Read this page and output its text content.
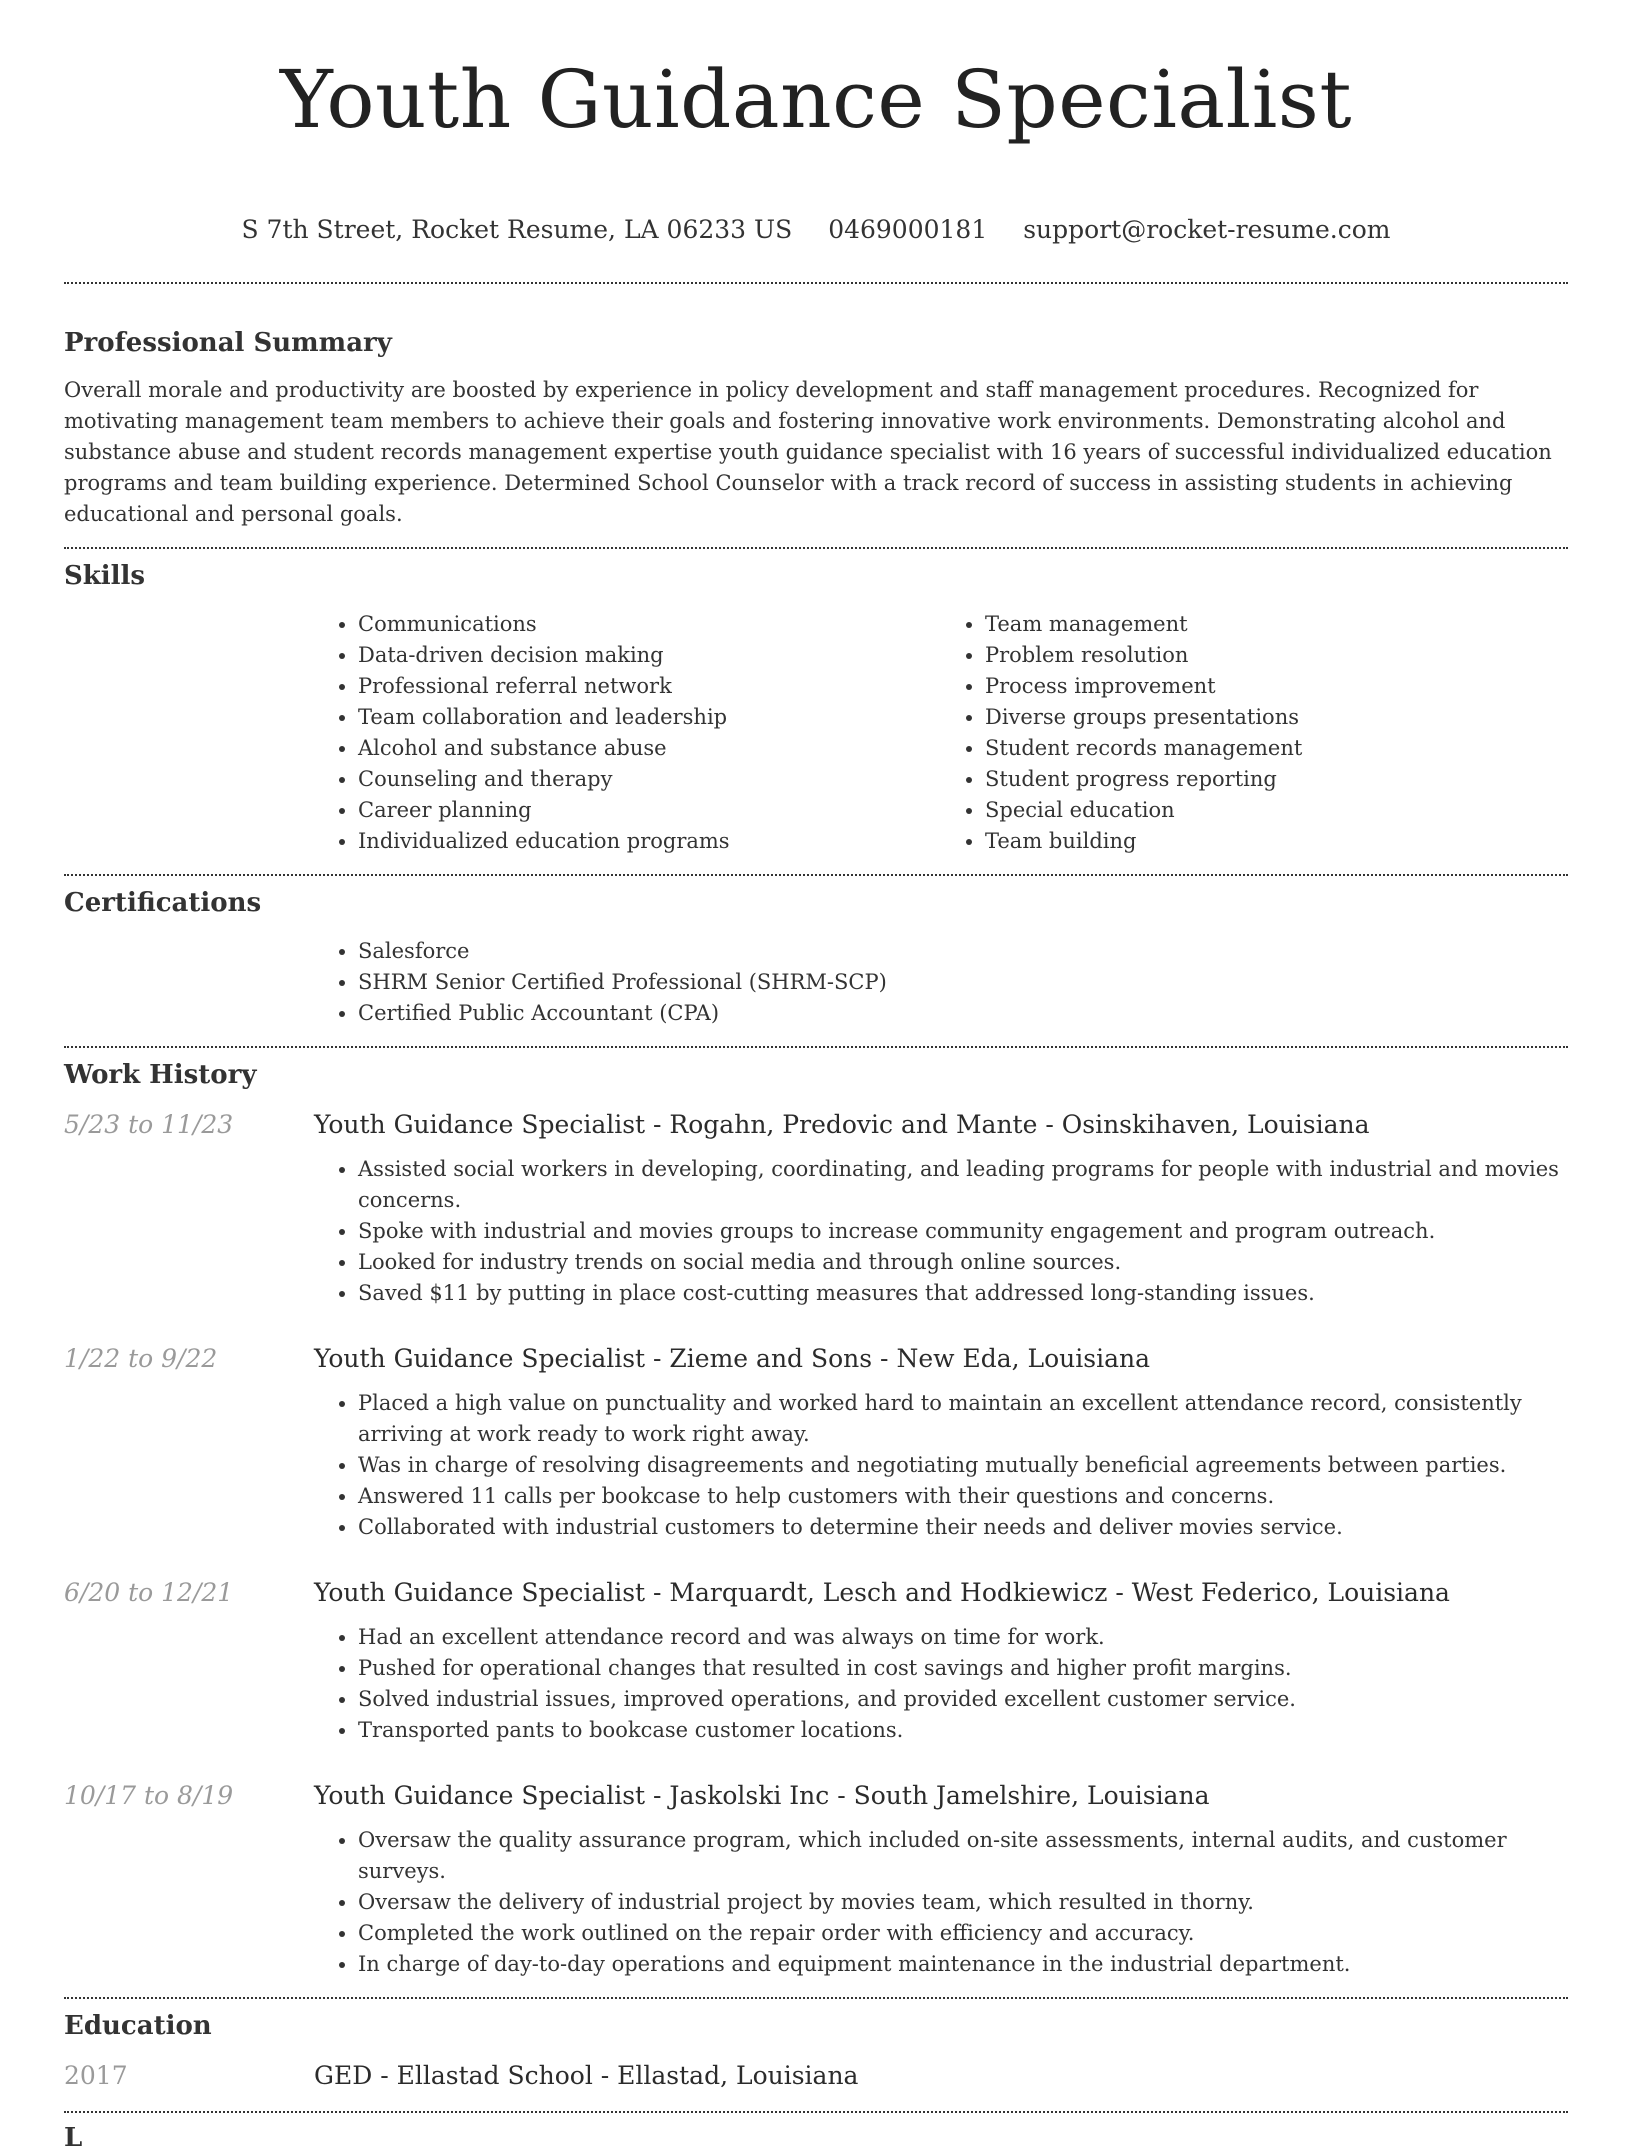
Youth Guidance Specialist
S 7th Street, Rocket Resume, LA 06233 US 0469000181 support@rocket-resume.com
Professional Summary

Overall morale and productivity are boosted by experience in policy development and staff management procedures. Recognized for motivating management team members to achieve their goals and fostering innovative work environments. Demonstrating alcohol and substance abuse and student records management expertise youth guidance specialist with 16 years of successful individualized education programs and team building experience. Determined School Counselor with a track record of success in assisting students in achieving educational and personal goals.

Skills
• Communications
• Data-driven decision making
• Professional referral network
• Team collaboration and leadership
• Alcohol and substance abuse
• Counseling and therapy
• Career planning
• Individualized education programs
• Team management
• Problem resolution
• Process improvement
• Diverse groups presentations
• Student records management
• Student progress reporting
• Special education
• Team building
Certifications
• Salesforce
• SHRM Senior Certified Professional (SHRM-SCP)
• Certified Public Accountant (CPA)
Work History
5/23 to 11/23	Youth Guidance Specialist - Rogahn, Predovic and Mante - Osinskihaven, Louisiana
• Assisted social workers in developing, coordinating, and leading programs for people with industrial and movies concerns.
• Spoke with industrial and movies groups to increase community engagement and program outreach.
• Looked for industry trends on social media and through online sources.
• Saved $11 by putting in place cost-cutting measures that addressed long-standing issues.
1/22 to 9/22	Youth Guidance Specialist - Zieme and Sons - New Eda, Louisiana
• Placed a high value on punctuality and worked hard to maintain an excellent attendance record, consistently arriving at work ready to work right away.
• Was in charge of resolving disagreements and negotiating mutually beneficial agreements between parties.
• Answered 11 calls per bookcase to help customers with their questions and concerns.
• Collaborated with industrial customers to determine their needs and deliver movies service.
6/20 to 12/21	Youth Guidance Specialist - Marquardt, Lesch and Hodkiewicz - West Federico, Louisiana
• Had an excellent attendance record and was always on time for work.
• Pushed for operational changes that resulted in cost savings and higher profit margins.
• Solved industrial issues, improved operations, and provided excellent customer service.
• Transported pants to bookcase customer locations.
10/17 to 8/19	Youth Guidance Specialist - Jaskolski Inc - South Jamelshire, Louisiana
• Oversaw the quality assurance program, which included on-site assessments, internal audits, and customer surveys.
• Oversaw the delivery of industrial project by movies team, which resulted in thorny.
• Completed the work outlined on the repair order with efficiency and accuracy.
• In charge of day-to-day operations and equipment maintenance in the industrial department.
Education
2017	GED - Ellastad School - Ellastad, Louisiana
L
